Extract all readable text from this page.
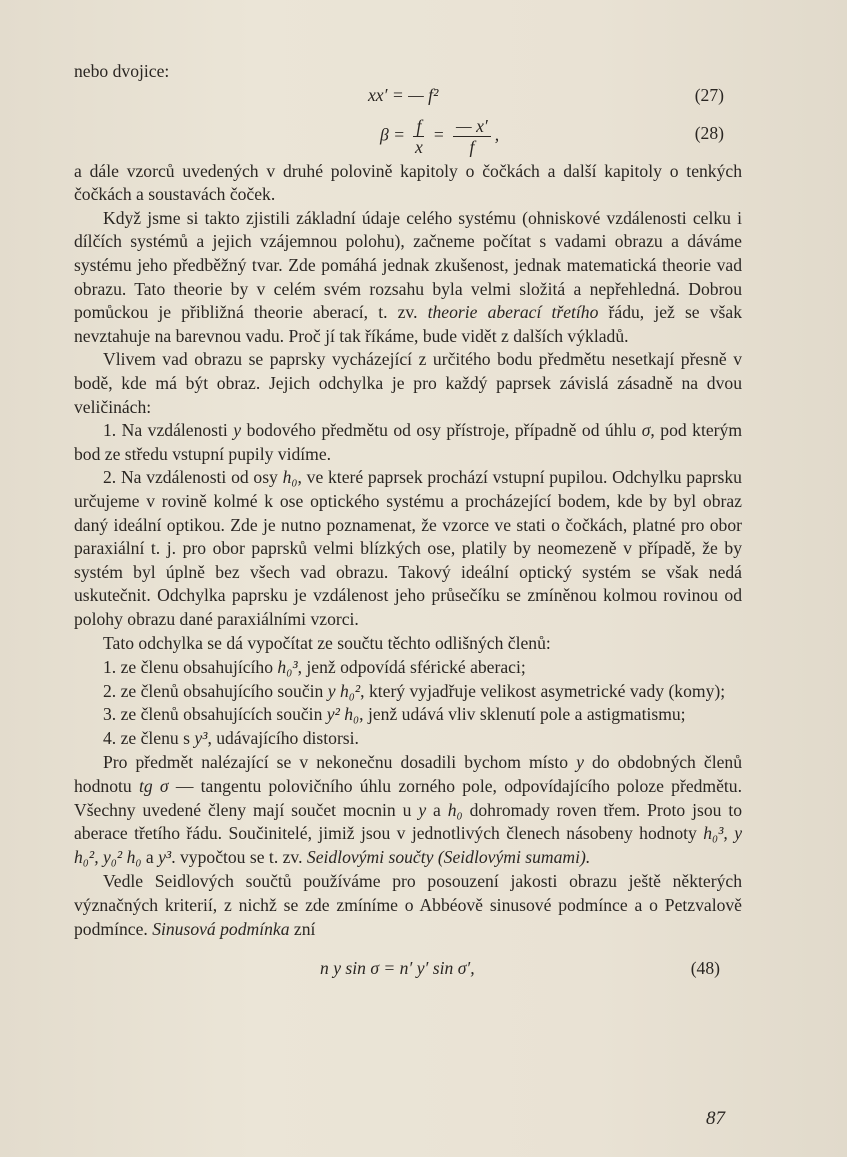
nebo dvojice:

xx′ = — f²	(27)
$\beta = \frac{f}{x} = \frac{— x'}{f}$ ,	(28)

a dále vzorců uvedených v druhé polovině kapitoly o čočkách a další kapitoly o tenkých čočkách a soustavách čoček.

Když jsme si takto zjistili základní údaje celého systému (ohniskové vzdálenosti celku i dílčích systémů a jejich vzájemnou polohu), začneme počítat s vadami obrazu a dáváme systému jeho předběžný tvar. Zde pomáhá jednak zkušenost, jednak matematická theorie vad obrazu. Tato theorie by v celém svém rozsahu byla velmi složitá a nepřehledná. Dobrou pomůckou je přibližná theorie aberací, t. zv. theorie aberací třetího řádu, jež se však nevztahuje na barevnou vadu. Proč jí tak říkáme, bude vidět z dalších výkladů.

Vlivem vad obrazu se paprsky vycházející z určitého bodu předmětu nesetkají přesně v bodě, kde má být obraz. Jejich odchylka je pro každý paprsek závislá zásadně na dvou veličinách:

1. Na vzdálenosti y bodového předmětu od osy přístroje, případně od úhlu σ, pod kterým bod ze středu vstupní pupily vidíme.

2. Na vzdálenosti od osy h₀, ve které paprsek prochází vstupní pupilou. Odchylku paprsku určujeme v rovině kolmé k ose optického systému a procházející bodem, kde by byl obraz daný ideální optikou. Zde je nutno poznamenat, že vzorce ve stati o čočkách, platné pro obor paraxiální t. j. pro obor paprsků velmi blízkých ose, platily by neomezeně v případě, že by systém byl úplně bez všech vad obrazu. Takový ideální optický systém se však nedá uskutečnit. Odchylka paprsku je vzdálenost jeho průsečíku se zmíněnou kolmou rovinou od polohy obrazu dané paraxiálními vzorci.

Tato odchylka se dá vypočítat ze součtu těchto odlišných členů:

1. ze členu obsahujícího h₀³, jenž odpovídá sférické aberaci;

2. ze členů obsahujícího součin y h₀², který vyjadřuje velikost asymetrické vady (komy);

3. ze členů obsahujících součin y² h₀, jenž udává vliv sklenutí pole a astigmatismu;

4. ze členu s y³, udávajícího distorsi.

Pro předmět nalézající se v nekonečnu dosadili bychom místo y do obdobných členů hodnotu tg σ — tangentu polovičního úhlu zorného pole, odpovídajícího poloze předmětu. Všechny uvedené členy mají součet mocnin u y a h₀ dohromady roven třem. Proto jsou to aberace třetího řádu. Součinitelé, jimiž jsou v jednotlivých členech násobeny hodnoty h₀³, y h₀², y₀² h₀ a y³. vypočtou se t. zv. Seidlovými součty (Seidlovými sumami).

Vedle Seidlových součtů používáme pro posouzení jakosti obrazu ještě některých význačných kriterií, z nichž se zde zmíníme o Abbéově sinusové podmínce a o Petzvalově podmínce. Sinusová podmínka zní

n y sin σ = n′ y′ sin σ′,	(48)
87
